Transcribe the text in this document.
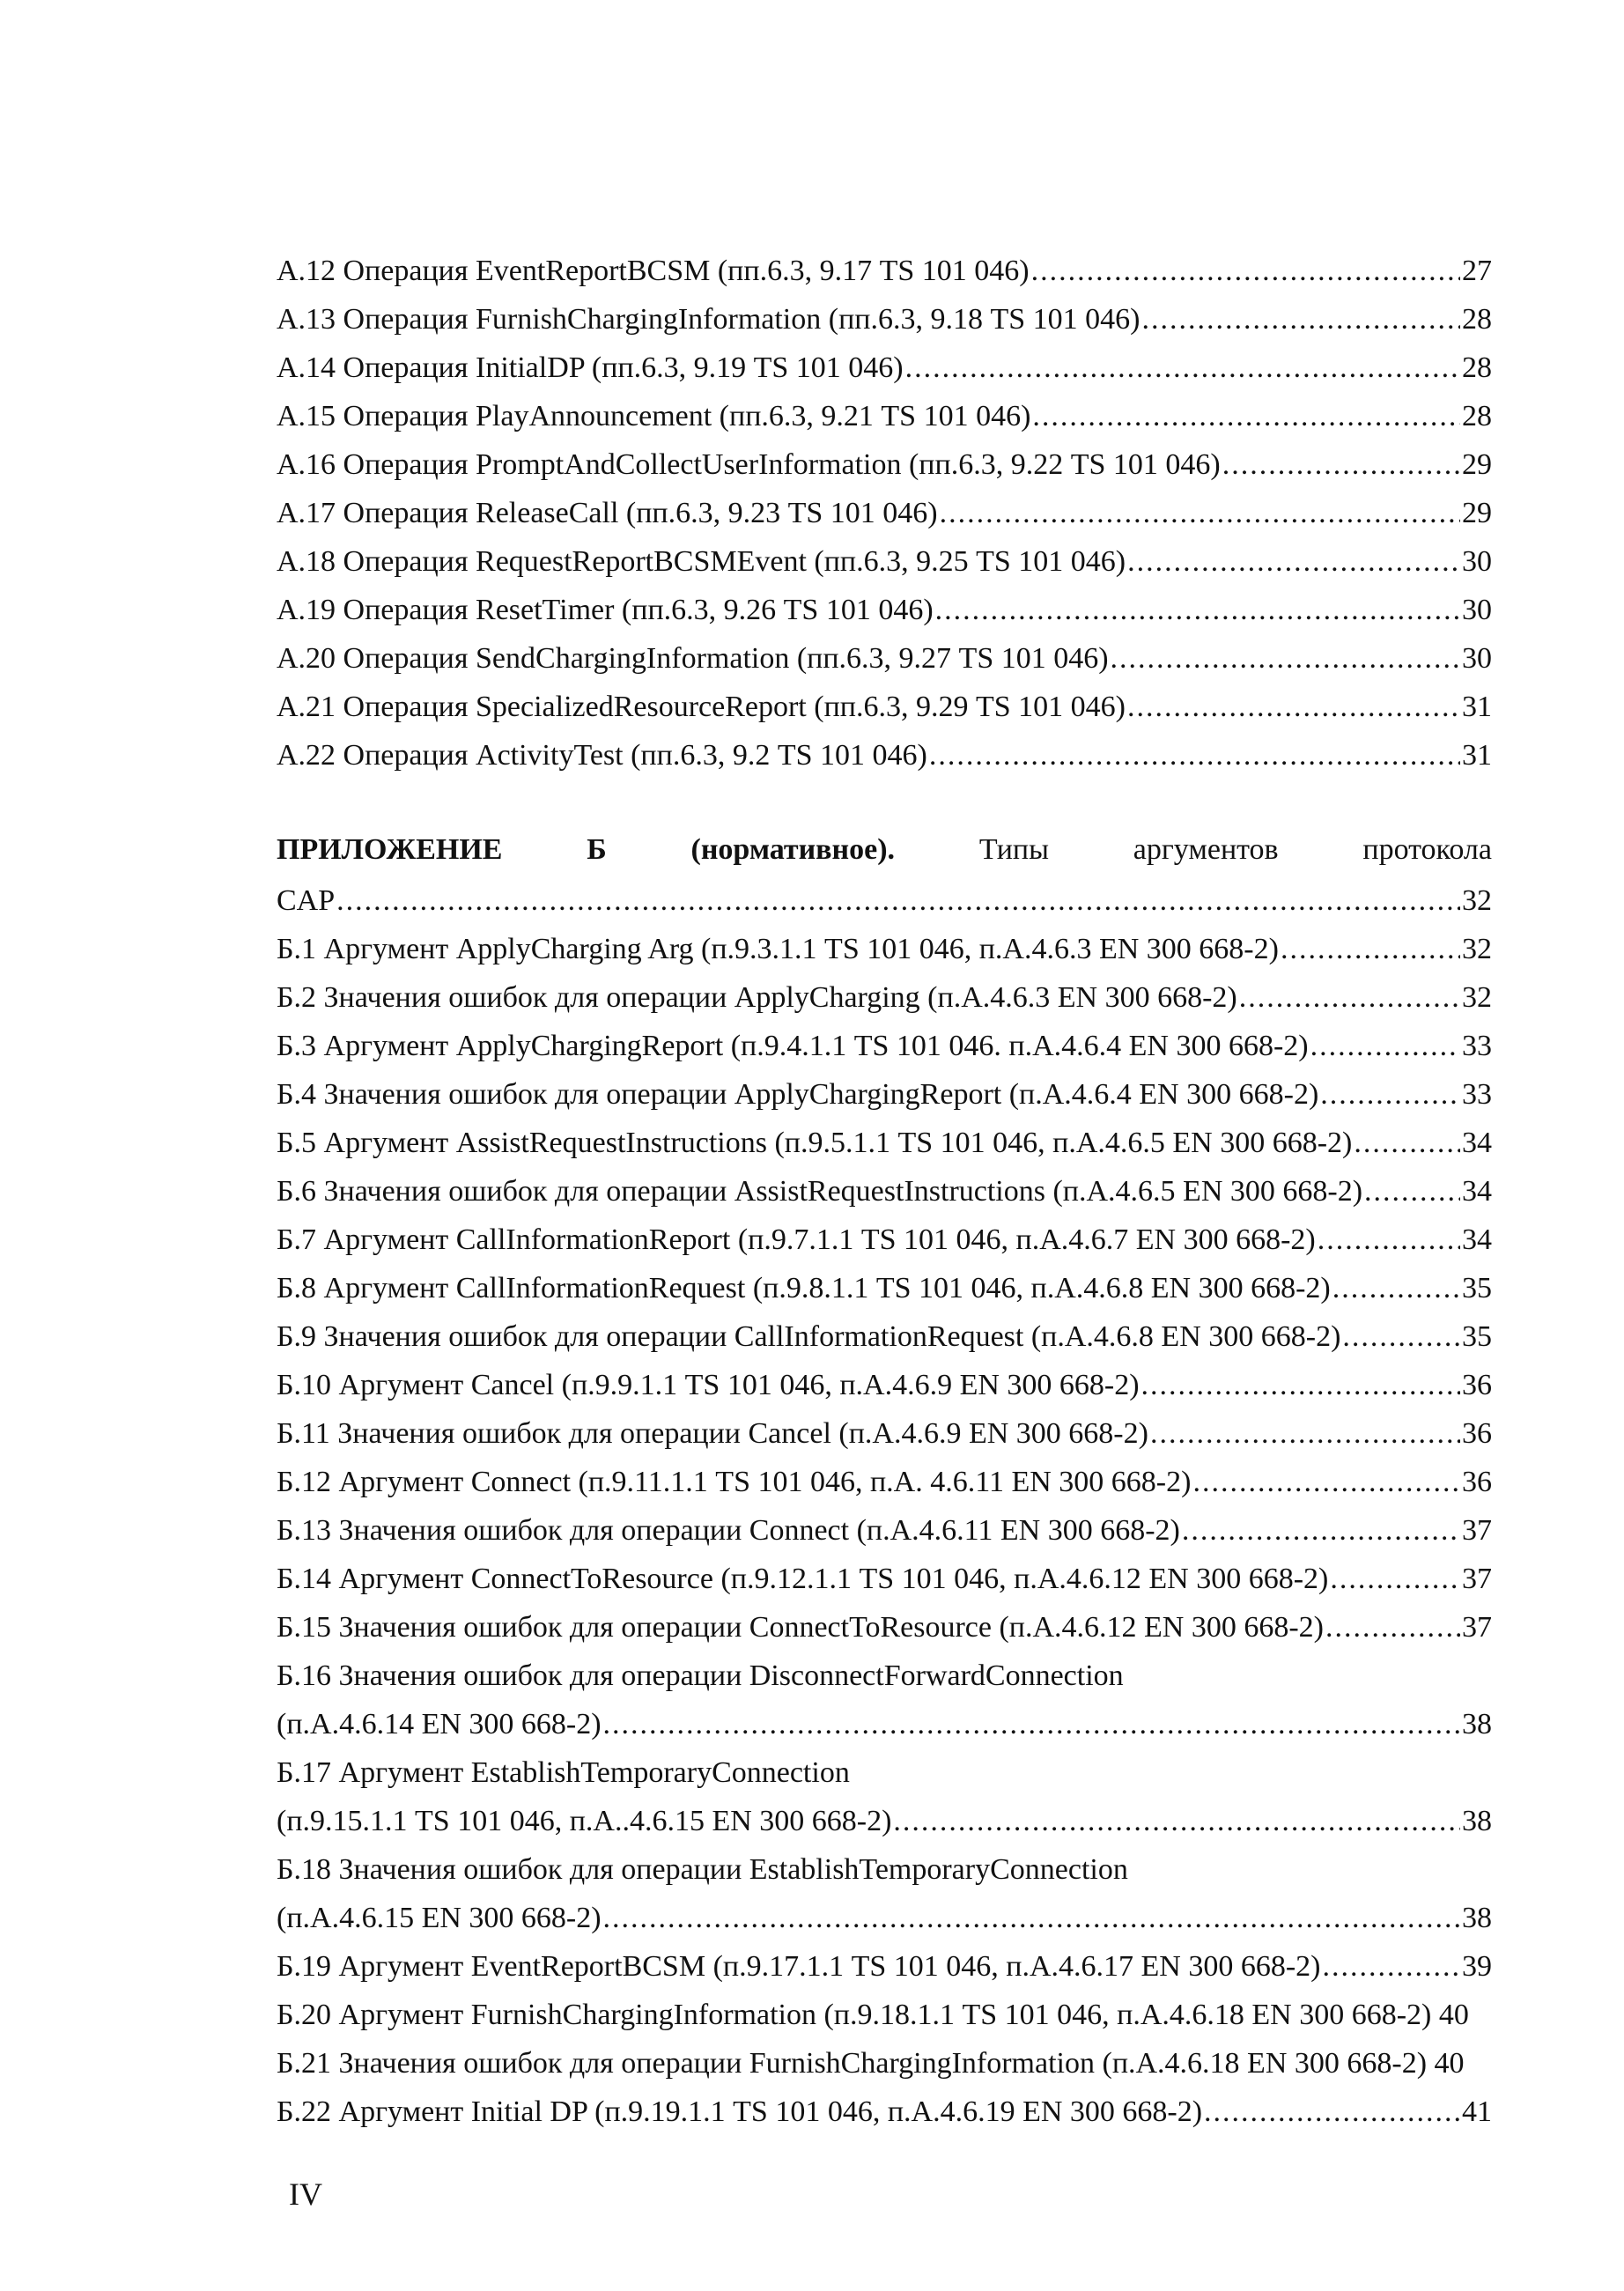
А.12 Операция EventReportBCSM (пп.6.3, 9.17 TS 101 046) .....	27
А.13 Операция FurnishChargingInformation (пп.6.3, 9.18 TS 101 046) .....	28
А.14 Операция InitialDP (пп.6.3, 9.19 TS 101 046) .....	28
А.15 Операция PlayAnnouncement (пп.6.3, 9.21 TS 101 046) .....	28
А.16 Операция PromptAndCollectUserInformation (пп.6.3, 9.22 TS 101 046) .....	29
А.17 Операция ReleaseCall (пп.6.3, 9.23 TS 101 046) .....	29
А.18 Операция RequestReportBCSMEvent (пп.6.3, 9.25 TS 101 046) .....	30
А.19 Операция ResetTimer (пп.6.3, 9.26 TS 101 046) .....	30
А.20 Операция SendChargingInformation (пп.6.3, 9.27 TS 101 046) .....	30
А.21 Операция SpecializedResourceReport (пп.6.3, 9.29 TS 101 046) .....	31
А.22 Операция ActivityTest (пп.6.3, 9.2 TS 101 046) .....	31
ПРИЛОЖЕНИЕ	Б	(нормативное).	Типы	аргументов	протокола
CAP .....	32
Б.1 Аргумент ApplyCharging Arg (п.9.3.1.1 TS 101 046, п.А.4.6.3 EN 300 668-2) .....	32
Б.2 Значения ошибок для операции ApplyCharging (п.А.4.6.3 EN 300 668-2) .....	32
Б.3 Аргумент ApplyChargingReport (п.9.4.1.1 TS 101 046. п.А.4.6.4 EN 300 668-2) .....	33
Б.4 Значения ошибок для операции ApplyChargingReport (п.А.4.6.4 EN 300 668-2) .....	33
Б.5 Аргумент AssistRequestInstructions (п.9.5.1.1 TS 101 046, п.А.4.6.5 EN 300 668-2) .....	34
Б.6 Значения ошибок для операции AssistRequestInstructions (п.А.4.6.5 EN 300 668-2) .....	34
Б.7 Аргумент CallInformationReport (п.9.7.1.1 TS 101 046, п.А.4.6.7 EN 300 668-2) .....	34
Б.8 Аргумент CallInformationRequest (п.9.8.1.1 TS 101 046, п.А.4.6.8 EN 300 668-2) .....	35
Б.9 Значения ошибок для операции CallInformationRequest (п.А.4.6.8 EN 300 668-2) .....	35
Б.10 Аргумент Cancel (п.9.9.1.1 TS 101 046, п.А.4.6.9 EN 300 668-2) .....	36
Б.11 Значения ошибок для операции Cancel (п.А.4.6.9 EN 300 668-2) .....	36
Б.12 Аргумент Connect (п.9.11.1.1 TS 101 046, п.А. 4.6.11 EN 300 668-2) .....	36
Б.13 Значения ошибок для операции Connect (п.А.4.6.11 EN 300 668-2) .....	37
Б.14 Аргумент ConnectToResource (п.9.12.1.1 TS 101 046, п.А.4.6.12 EN 300 668-2) .....	37
Б.15 Значения ошибок для операции ConnectToResource (п.А.4.6.12 EN 300 668-2) .....	37
Б.16 Значения ошибок для операции DisconnectForwardConnection
(п.А.4.6.14 EN 300 668-2) .....	38
Б.17 Аргумент EstablishTemporaryConnection
(п.9.15.1.1 TS 101 046, п.А..4.6.15 EN 300 668-2) .....	38
Б.18 Значения ошибок для операции EstablishTemporaryConnection
(п.А.4.6.15 EN 300 668-2) .....	38
Б.19 Аргумент EventReportBCSM (п.9.17.1.1 TS 101 046, п.А.4.6.17 EN 300 668-2) .....	39
Б.20 Аргумент FurnishChargingInformation (п.9.18.1.1 TS 101 046, п.А.4.6.18 EN 300 668-2) 40
Б.21 Значения ошибок для операции FurnishChargingInformation (п.А.4.6.18 EN 300 668-2) 40
Б.22 Аргумент Initial DP (п.9.19.1.1 TS 101 046, п.А.4.6.19 EN 300 668-2) .....	41
IV
